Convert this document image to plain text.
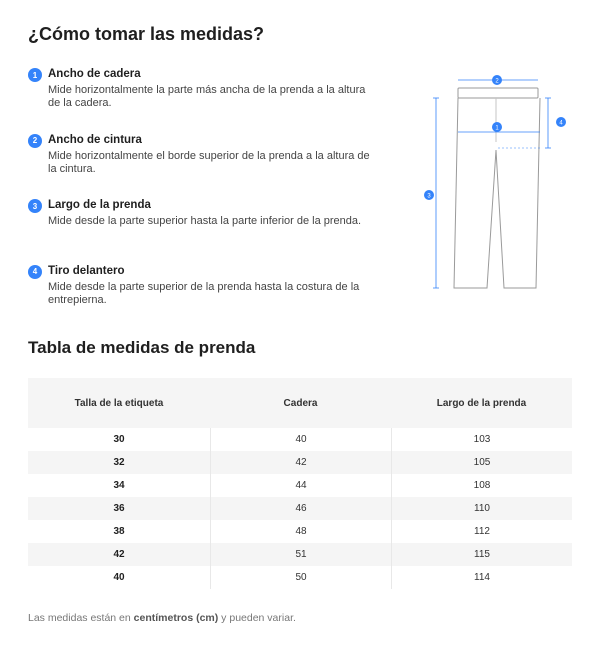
¿Cómo tomar las medidas?
1 Ancho de cadera
Mide horizontalmente la parte más ancha de la prenda a la altura de la cadera.
2 Ancho de cintura
Mide horizontalmente el borde superior de la prenda a la altura de la cintura.
3 Largo de la prenda
Mide desde la parte superior hasta la parte inferior de la prenda.
4 Tiro delantero
Mide desde la parte superior de la prenda hasta la costura de la entrepierna.
2
1
3
4
Tabla de medidas de prenda
Talla de la etiqueta	Cadera	Largo de la prenda
30	40	103
32	42	105
34	44	108
36	46	110
38	48	112
42	51	115
40	50	114

Las medidas están en centímetros (cm) y pueden variar.
